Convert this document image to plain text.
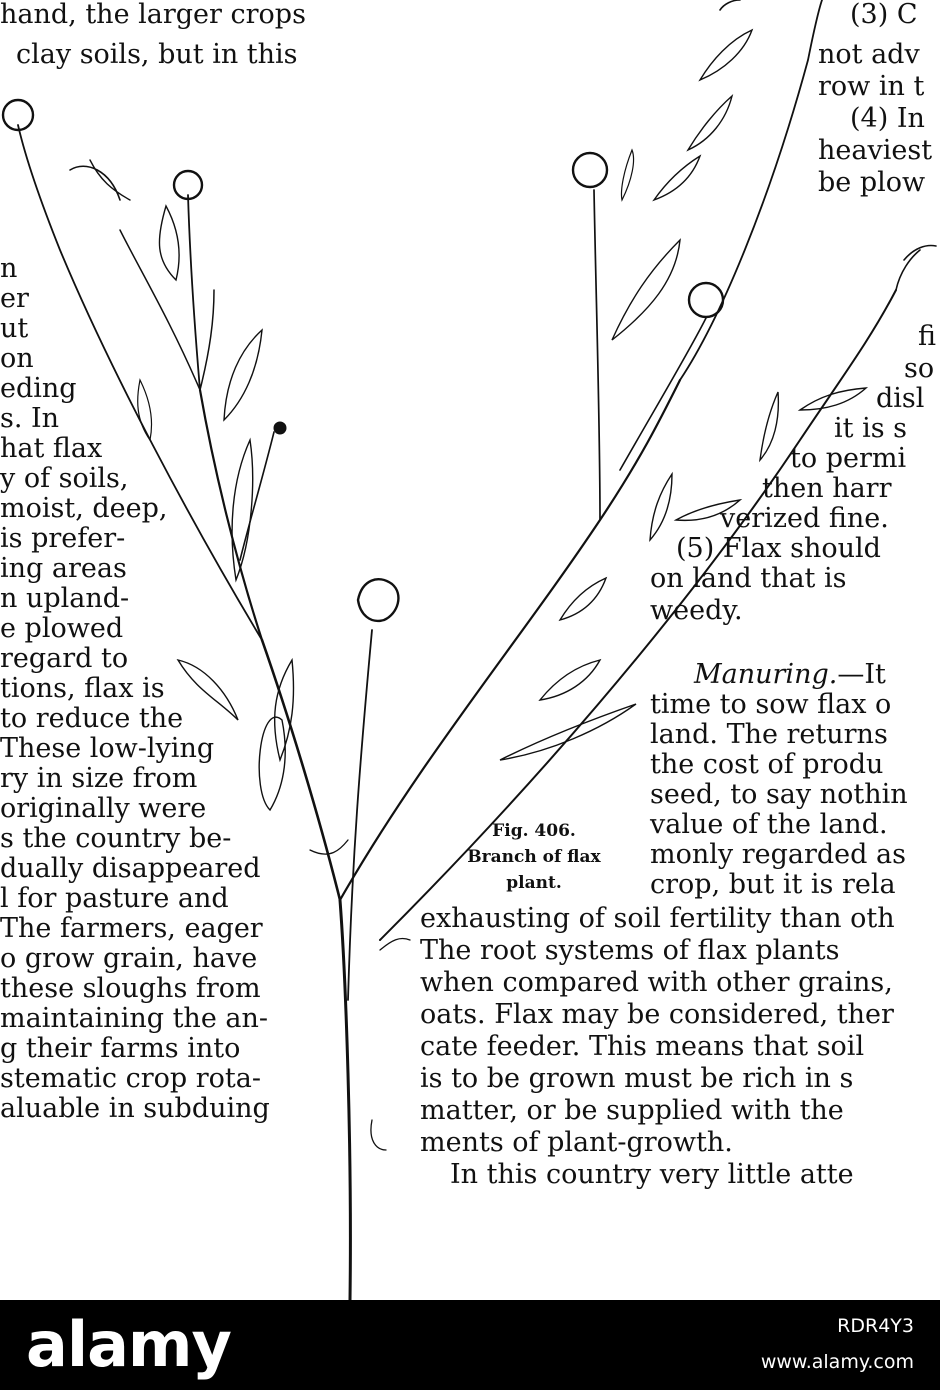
hand, the larger crops
clay soils, but in this
n
er
ut
on
eding
s. In
hat flax
y of soils,
moist, deep,
is prefer-
ing areas
n upland-
e plowed
regard to
tions, flax is
to reduce the
These low-lying
ry in size from
originally were
s the country be-
dually disappeared
l for pasture and
The farmers, eager
o grow grain, have
these sloughs from
maintaining the an-
g their farms into
stematic crop rota-
aluable in subduing
(3) C
not adv
row in t
(4) In
heaviest
be plow
fi
so
disl
it is s
to permi
then harr
verized fine.
(5) Flax should
on land that is
weedy.
Fig. 406.
Branch of flax
plant.
Manuring.—It
time to sow flax o
land. The returns
the cost of produ
seed, to say nothin
value of the land.
monly regarded as
crop, but it is rela
exhausting of soil fertility than oth
The root systems of flax plants
when compared with other grains,
oats. Flax may be considered, ther
cate feeder. This means that soil
is to be grown must be rich in s
matter, or be supplied with the
ments of plant-growth.
In this country very little atte
alamy	RDR4Y3
www.alamy.com
